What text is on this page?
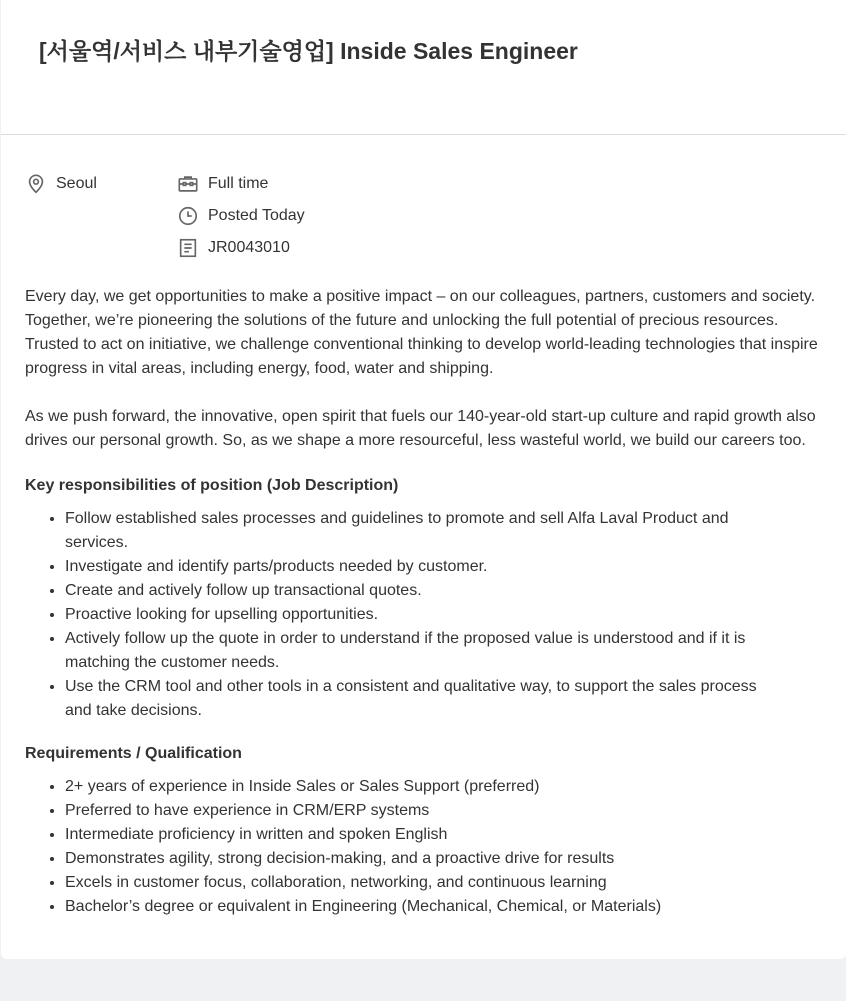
[서울역/서비스 내부기술영업] Inside Sales Engineer
Seoul	Full time
Posted Today
JR0043010

Every day, we get opportunities to make a positive impact – on our colleagues, partners, customers and society. Together, we’re pioneering the solutions of the future and unlocking the full potential of precious resources. Trusted to act on initiative, we challenge conventional thinking to develop world-leading technologies that inspire progress in vital areas, including energy, food, water and shipping.

As we push forward, the innovative, open spirit that fuels our 140-year-old start-up culture and rapid growth also drives our personal growth. So, as we shape a more resourceful, less wasteful world, we build our careers too.

Key responsibilities of position (Job Description)
• Follow established sales processes and guidelines to promote and sell Alfa Laval Product and services.
• Investigate and identify parts/products needed by customer.
• Create and actively follow up transactional quotes.
• Proactive looking for upselling opportunities.
• Actively follow up the quote in order to understand if the proposed value is understood and if it is matching the customer needs.
• Use the CRM tool and other tools in a consistent and qualitative way, to support the sales process and take decisions.
Requirements / Qualification
• 2+ years of experience in Inside Sales or Sales Support (preferred)
• Preferred to have experience in CRM/ERP systems
• Intermediate proficiency in written and spoken English
• Demonstrates agility, strong decision-making, and a proactive drive for results
• Excels in customer focus, collaboration, networking, and continuous learning
• Bachelor’s degree or equivalent in Engineering (Mechanical, Chemical, or Materials)
